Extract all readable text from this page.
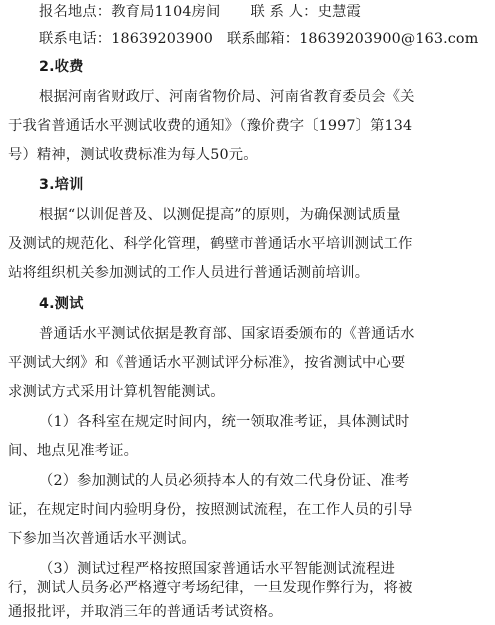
报名地点：教育局1104房间 联 系 人：史慧霞
联系电话：18639203900 联系邮箱：18639203900@163.com
2.收费
根据河南省财政厅、河南省物价局、河南省教育委员会《关
于我省普通话水平测试收费的通知》（豫价费字〔1997〕第134
号）精神，测试收费标准为每人50元。
3.培训
根据“以训促普及、以测促提高”的原则，为确保测试质量
及测试的规范化、科学化管理，鹤壁市普通话水平培训测试工作
站将组织机关参加测试的工作人员进行普通话测前培训。
4.测试
普通话水平测试依据是教育部、国家语委颁布的《普通话水
平测试大纲》和《普通话水平测试评分标准》，按省测试中心要
求测试方式采用计算机智能测试。
（1）各科室在规定时间内，统一领取准考证，具体测试时
间、地点见准考证。
（2）参加测试的人员必须持本人的有效二代身份证、准考
证，在规定时间内验明身份，按照测试流程，在工作人员的引导
下参加当次普通话水平测试。
（3）测试过程严格按照国家普通话水平智能测试流程进
行，测试人员务必严格遵守考场纪律，一旦发现作弊行为，将被
通报批评，并取消三年的普通话考试资格。
